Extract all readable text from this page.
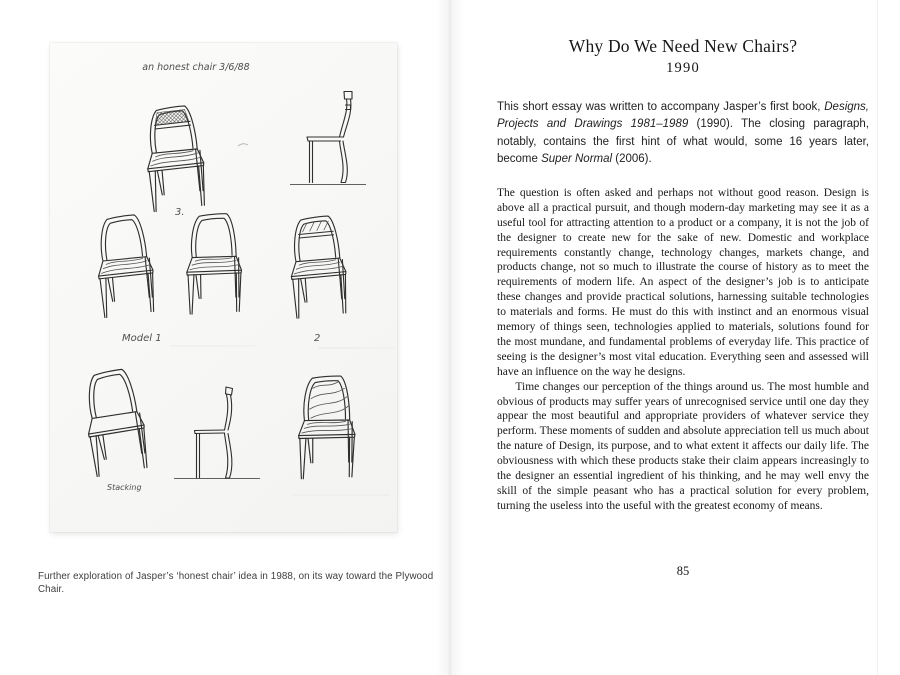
an honest chair 3/6/88
3.
Model 1	2
Stacking

Further exploration of Jasper’s ‘honest chair’ idea in 1988, on its way toward the Plywood Chair.

Why Do We Need New Chairs?
1990

This short essay was written to accompany Jasper’s first book, Designs, Projects and Drawings 1981–1989 (1990). The closing paragraph, notably, contains the first hint of what would, some 16 years later, become Super Normal (2006).

The question is often asked and perhaps not without good reason. Design is above all a practical pursuit, and though modern-day marketing may see it as a useful tool for attracting attention to a product or a company, it is not the job of the designer to create new for the sake of new. Domestic and workplace requirements constantly change, technology changes, markets change, and products change, not so much to illustrate the course of history as to meet the requirements of modern life. An aspect of the designer’s job is to anticipate these changes and provide practical solutions, harnessing suitable technologies to materials and forms. He must do this with instinct and an enormous visual memory of things seen, technologies applied to materials, solutions found for the most mundane, and fundamental problems of everyday life. This practice of seeing is the designer’s most vital education. Everything seen and assessed will have an influence on the way he designs.

Time changes our perception of the things around us. The most humble and obvious of products may suffer years of unrecognised service until one day they appear the most beautiful and appropriate providers of whatever service they perform. These moments of sudden and absolute appreciation tell us much about the nature of Design, its purpose, and to what extent it affects our daily life. The obviousness with which these products stake their claim appears increasingly to the designer an essential ingredient of his thinking, and he may well envy the skill of the simple peasant who has a practical solution for every problem, turning the useless into the useful with the greatest economy of means.

85
